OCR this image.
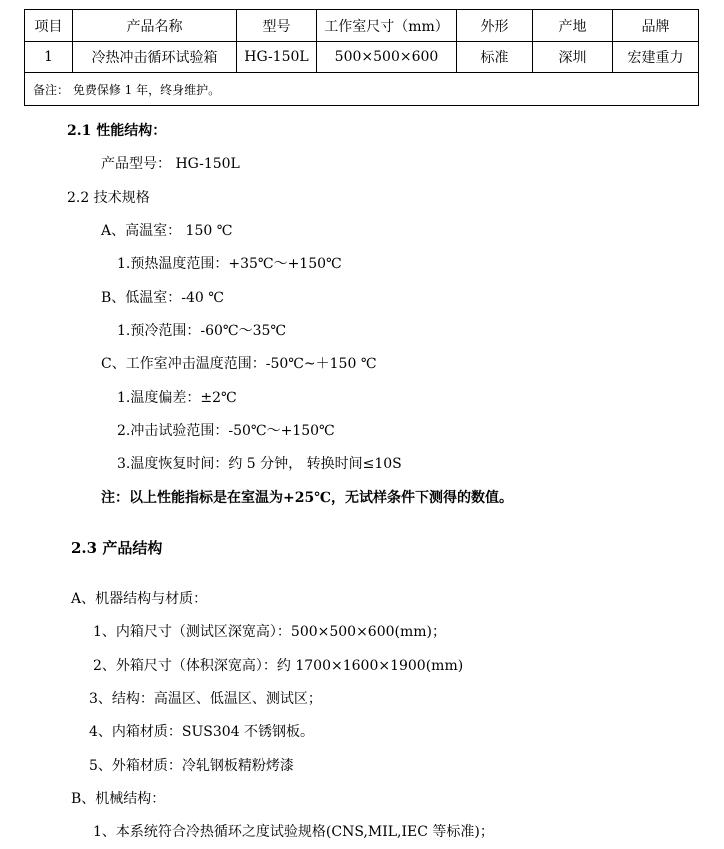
项目	产品名称	型号	工作室尺寸（mm）	外形	产地	品牌
1	冷热冲击循环试验箱	HG-150L	500×500×600	标准	深圳	宏建重力
备注： 免费保修 1 年，终身维护。						
2.1 性能结构：
产品型号： HG-150L
2.2 技术规格
A、高温室： 150 ℃
1.预热温度范围：+35℃～+150℃
B、低温室：-40 ℃
1.预冷范围：-60℃～35℃
C、工作室冲击温度范围：-50℃~＋150 ℃
1.温度偏差：±2℃
2.冲击试验范围：-50℃～+150℃
3.温度恢复时间：约 5 分钟， 转换时间≤10S
注：以上性能指标是在室温为+25℃，无试样条件下测得的数值。
2.3 产品结构
A、机器结构与材质：
1、内箱尺寸（测试区深宽高）：500×500×600(mm)；
2、外箱尺寸（体积深宽高）：约 1700×1600×1900(mm)
3、结构：高温区、低温区、测试区；
4、内箱材质：SUS304 不锈钢板。
5、外箱材质：冷轧钢板精粉烤漆
B、机械结构：
1、本系统符合冷热循环之度试验规格(CNS,MIL,IEC 等标准)；
